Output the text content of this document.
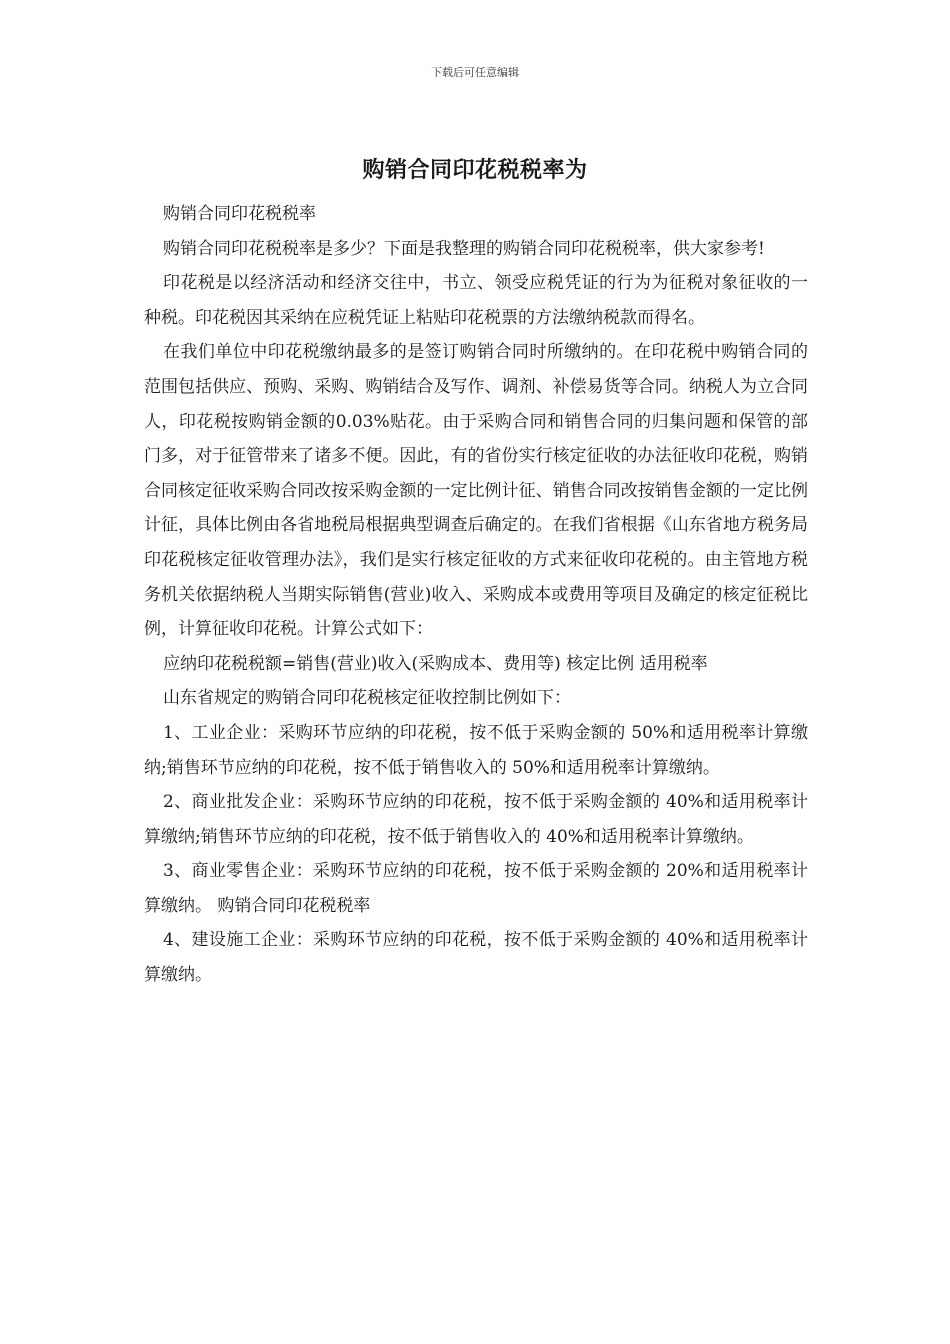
下载后可任意编辑
购销合同印花税税率为

购销合同印花税税率

购销合同印花税税率是多少？下面是我整理的购销合同印花税税率，供大家参考!

印花税是以经济活动和经济交往中，书立、领受应税凭证的行为为征税对象征收的一种税。印花税因其采纳在应税凭证上粘贴印花税票的方法缴纳税款而得名。

在我们单位中印花税缴纳最多的是签订购销合同时所缴纳的。在印花税中购销合同的范围包括供应、预购、采购、购销结合及写作、调剂、补偿易货等合同。纳税人为立合同人，印花税按购销金额的0.03%贴花。由于采购合同和销售合同的归集问题和保管的部门多，对于征管带来了诸多不便。因此，有的省份实行核定征收的办法征收印花税，购销合同核定征收采购合同改按采购金额的一定比例计征、销售合同改按销售金额的一定比例计征，具体比例由各省地税局根据典型调查后确定的。在我们省根据《山东省地方税务局印花税核定征收管理办法》，我们是实行核定征收的方式来征收印花税的。由主管地方税务机关依据纳税人当期实际销售(营业)收入、采购成本或费用等项目及确定的核定征税比例，计算征收印花税。计算公式如下：

应纳印花税税额=销售(营业)收入(采购成本、费用等) 核定比例 适用税率

山东省规定的购销合同印花税核定征收控制比例如下：

1、工业企业：采购环节应纳的印花税，按不低于采购金额的 50%和适用税率计算缴纳;销售环节应纳的印花税，按不低于销售收入的 50%和适用税率计算缴纳。

2、商业批发企业：采购环节应纳的印花税，按不低于采购金额的 40%和适用税率计算缴纳;销售环节应纳的印花税，按不低于销售收入的 40%和适用税率计算缴纳。

3、商业零售企业：采购环节应纳的印花税，按不低于采购金额的 20%和适用税率计算缴纳。 购销合同印花税税率

4、建设施工企业：采购环节应纳的印花税，按不低于采购金额的 40%和适用税率计算缴纳。
